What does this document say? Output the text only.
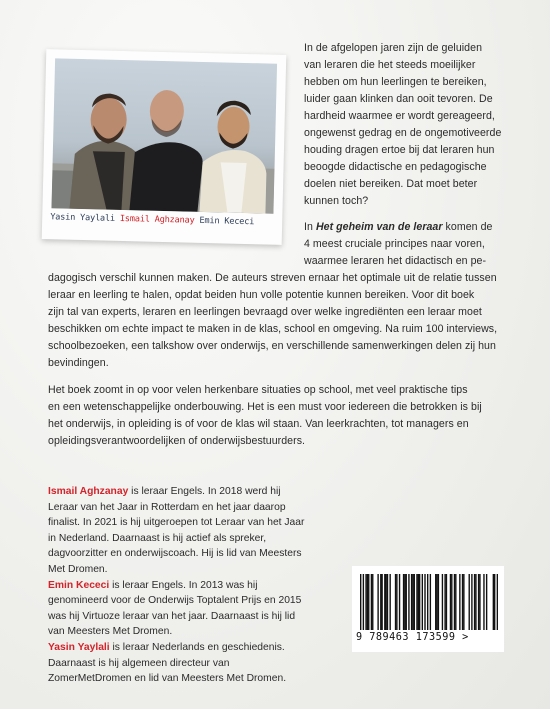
Yasin Yaylali Ismail Aghzanay Emin Kececi
In de afgelopen jaren zijn de geluiden
van leraren die het steeds moeilijker
hebben om hun leerlingen te bereiken,
luider gaan klinken dan ooit tevoren. De
hardheid waarmee er wordt gereageerd,
ongewenst gedrag en de ongemotiveerde
houding dragen ertoe bij dat leraren hun
beoogde didactische en pedagogische
doelen niet bereiken. Dat moet beter
kunnen toch?
In Het geheim van de leraar komen de
4 meest cruciale principes naar voren,
waarmee leraren het didactisch en pe-
dagogisch verschil kunnen maken. De auteurs streven ernaar het optimale uit de relatie tussen
leraar en leerling te halen, opdat beiden hun volle potentie kunnen bereiken. Voor dit boek
zijn tal van experts, leraren en leerlingen bevraagd over welke ingrediënten een leraar moet
beschikken om echte impact te maken in de klas, school en omgeving. Na ruim 100 interviews,
schoolbezoeken, een talkshow over onderwijs, en verschillende samenwerkingen delen zij hun
bevindingen.
Het boek zoomt in op voor velen herkenbare situaties op school, met veel praktische tips
en een wetenschappelijke onderbouwing. Het is een must voor iedereen die betrokken is bij
het onderwijs, in opleiding is of voor de klas wil staan. Van leerkrachten, tot managers en
opleidingsverantwoordelijken of onderwijsbestuurders.

Ismail Aghzanay is leraar Engels. In 2018 werd hij Leraar van het Jaar in Rotterdam en het jaar daarop finalist. In 2021 is hij uitgeroepen tot Leraar van het Jaar in Nederland. Daarnaast is hij actief als spreker, dagvoorzitter en onderwijscoach. Hij is lid van Meesters Met Dromen.

Emin Kececi is leraar Engels. In 2013 was hij genomineerd voor de Onderwijs Toptalent Prijs en 2015 was hij Virtuoze leraar van het jaar. Daarnaast is hij lid van Meesters Met Dromen.

Yasin Yaylali is leraar Nederlands en geschiedenis. Daarnaast is hij algemeen directeur van ZomerMetDromen en lid van Meesters Met Dromen.

9 789463 173599 >
